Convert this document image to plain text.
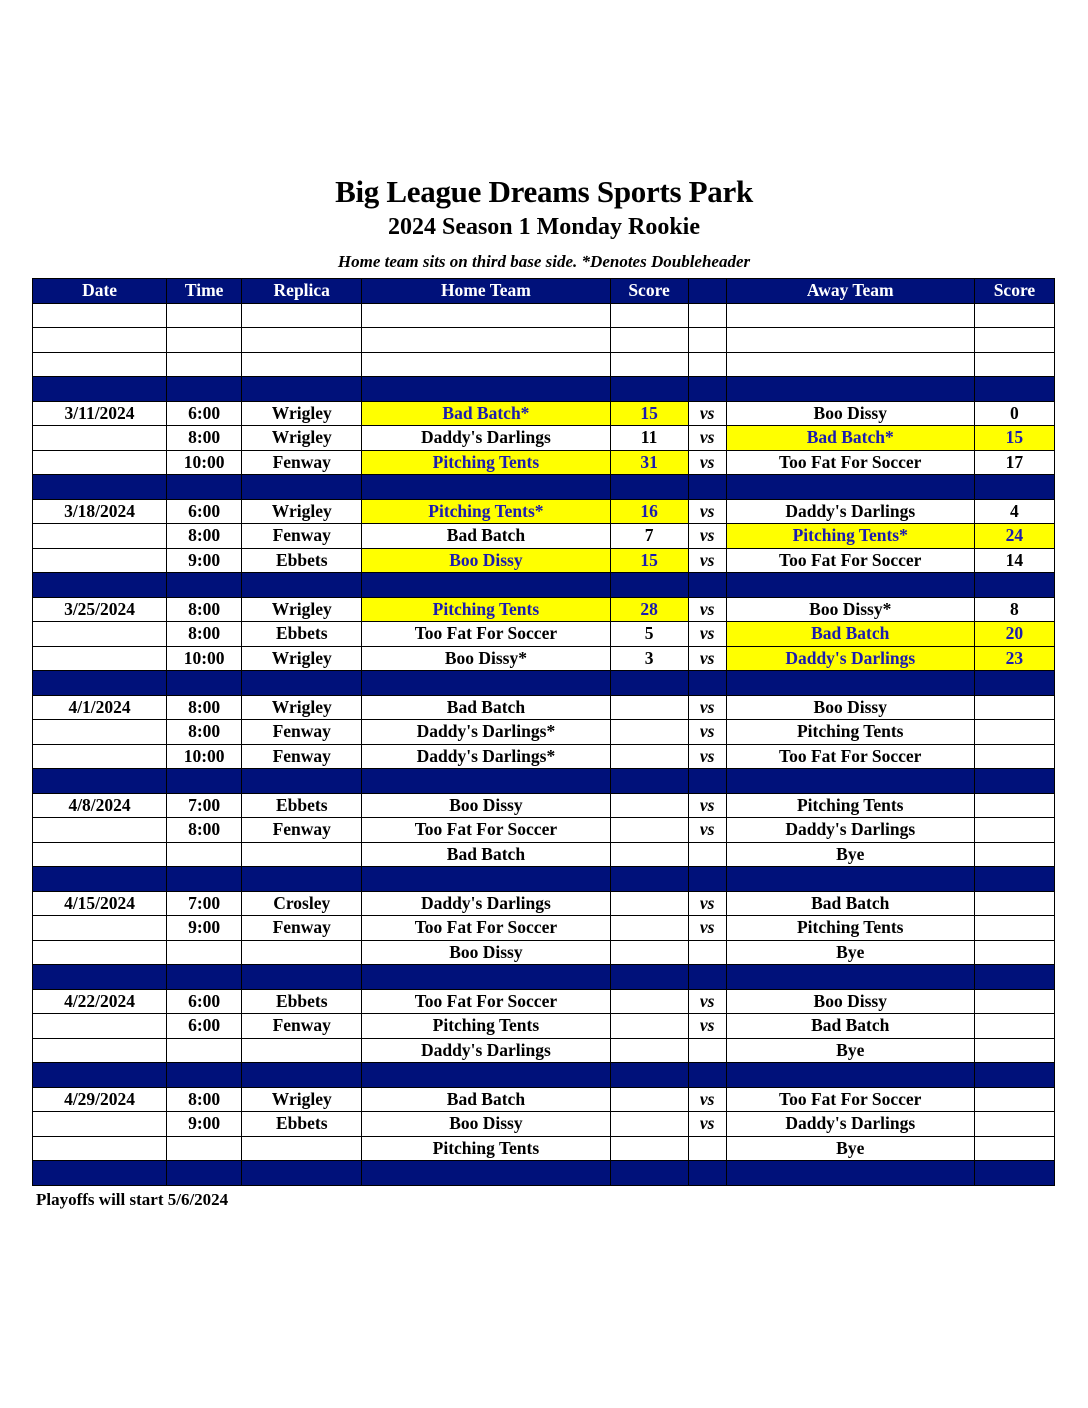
Big League Dreams Sports Park
2024 Season 1 Monday Rookie
Home team sits on third base side. *Denotes Doubleheader
Date	Time	Replica	Home Team	Score		Away Team	Score

3/11/2024	6:00	Wrigley	Bad Batch*	15	vs	Boo Dissy	0
	8:00	Wrigley	Daddy's Darlings	11	vs	Bad Batch*	15
	10:00	Fenway	Pitching Tents	31	vs	Too Fat For Soccer	17

3/18/2024	6:00	Wrigley	Pitching Tents*	16	vs	Daddy's Darlings	4
	8:00	Fenway	Bad Batch	7	vs	Pitching Tents*	24
	9:00	Ebbets	Boo Dissy	15	vs	Too Fat For Soccer	14

3/25/2024	8:00	Wrigley	Pitching Tents	28	vs	Boo Dissy*	8
	8:00	Ebbets	Too Fat For Soccer	5	vs	Bad Batch	20
	10:00	Wrigley	Boo Dissy*	3	vs	Daddy's Darlings	23

4/1/2024	8:00	Wrigley	Bad Batch		vs	Boo Dissy	
	8:00	Fenway	Daddy's Darlings*		vs	Pitching Tents	
	10:00	Fenway	Daddy's Darlings*		vs	Too Fat For Soccer	

4/8/2024	7:00	Ebbets	Boo Dissy		vs	Pitching Tents	
	8:00	Fenway	Too Fat For Soccer		vs	Daddy's Darlings	
			Bad Batch			Bye	

4/15/2024	7:00	Crosley	Daddy's Darlings		vs	Bad Batch	
	9:00	Fenway	Too Fat For Soccer		vs	Pitching Tents	
			Boo Dissy			Bye	

4/22/2024	6:00	Ebbets	Too Fat For Soccer		vs	Boo Dissy	
	6:00	Fenway	Pitching Tents		vs	Bad Batch	
			Daddy's Darlings			Bye	

4/29/2024	8:00	Wrigley	Bad Batch		vs	Too Fat For Soccer	
	9:00	Ebbets	Boo Dissy		vs	Daddy's Darlings	
			Pitching Tents			Bye	

Playoffs will start 5/6/2024
